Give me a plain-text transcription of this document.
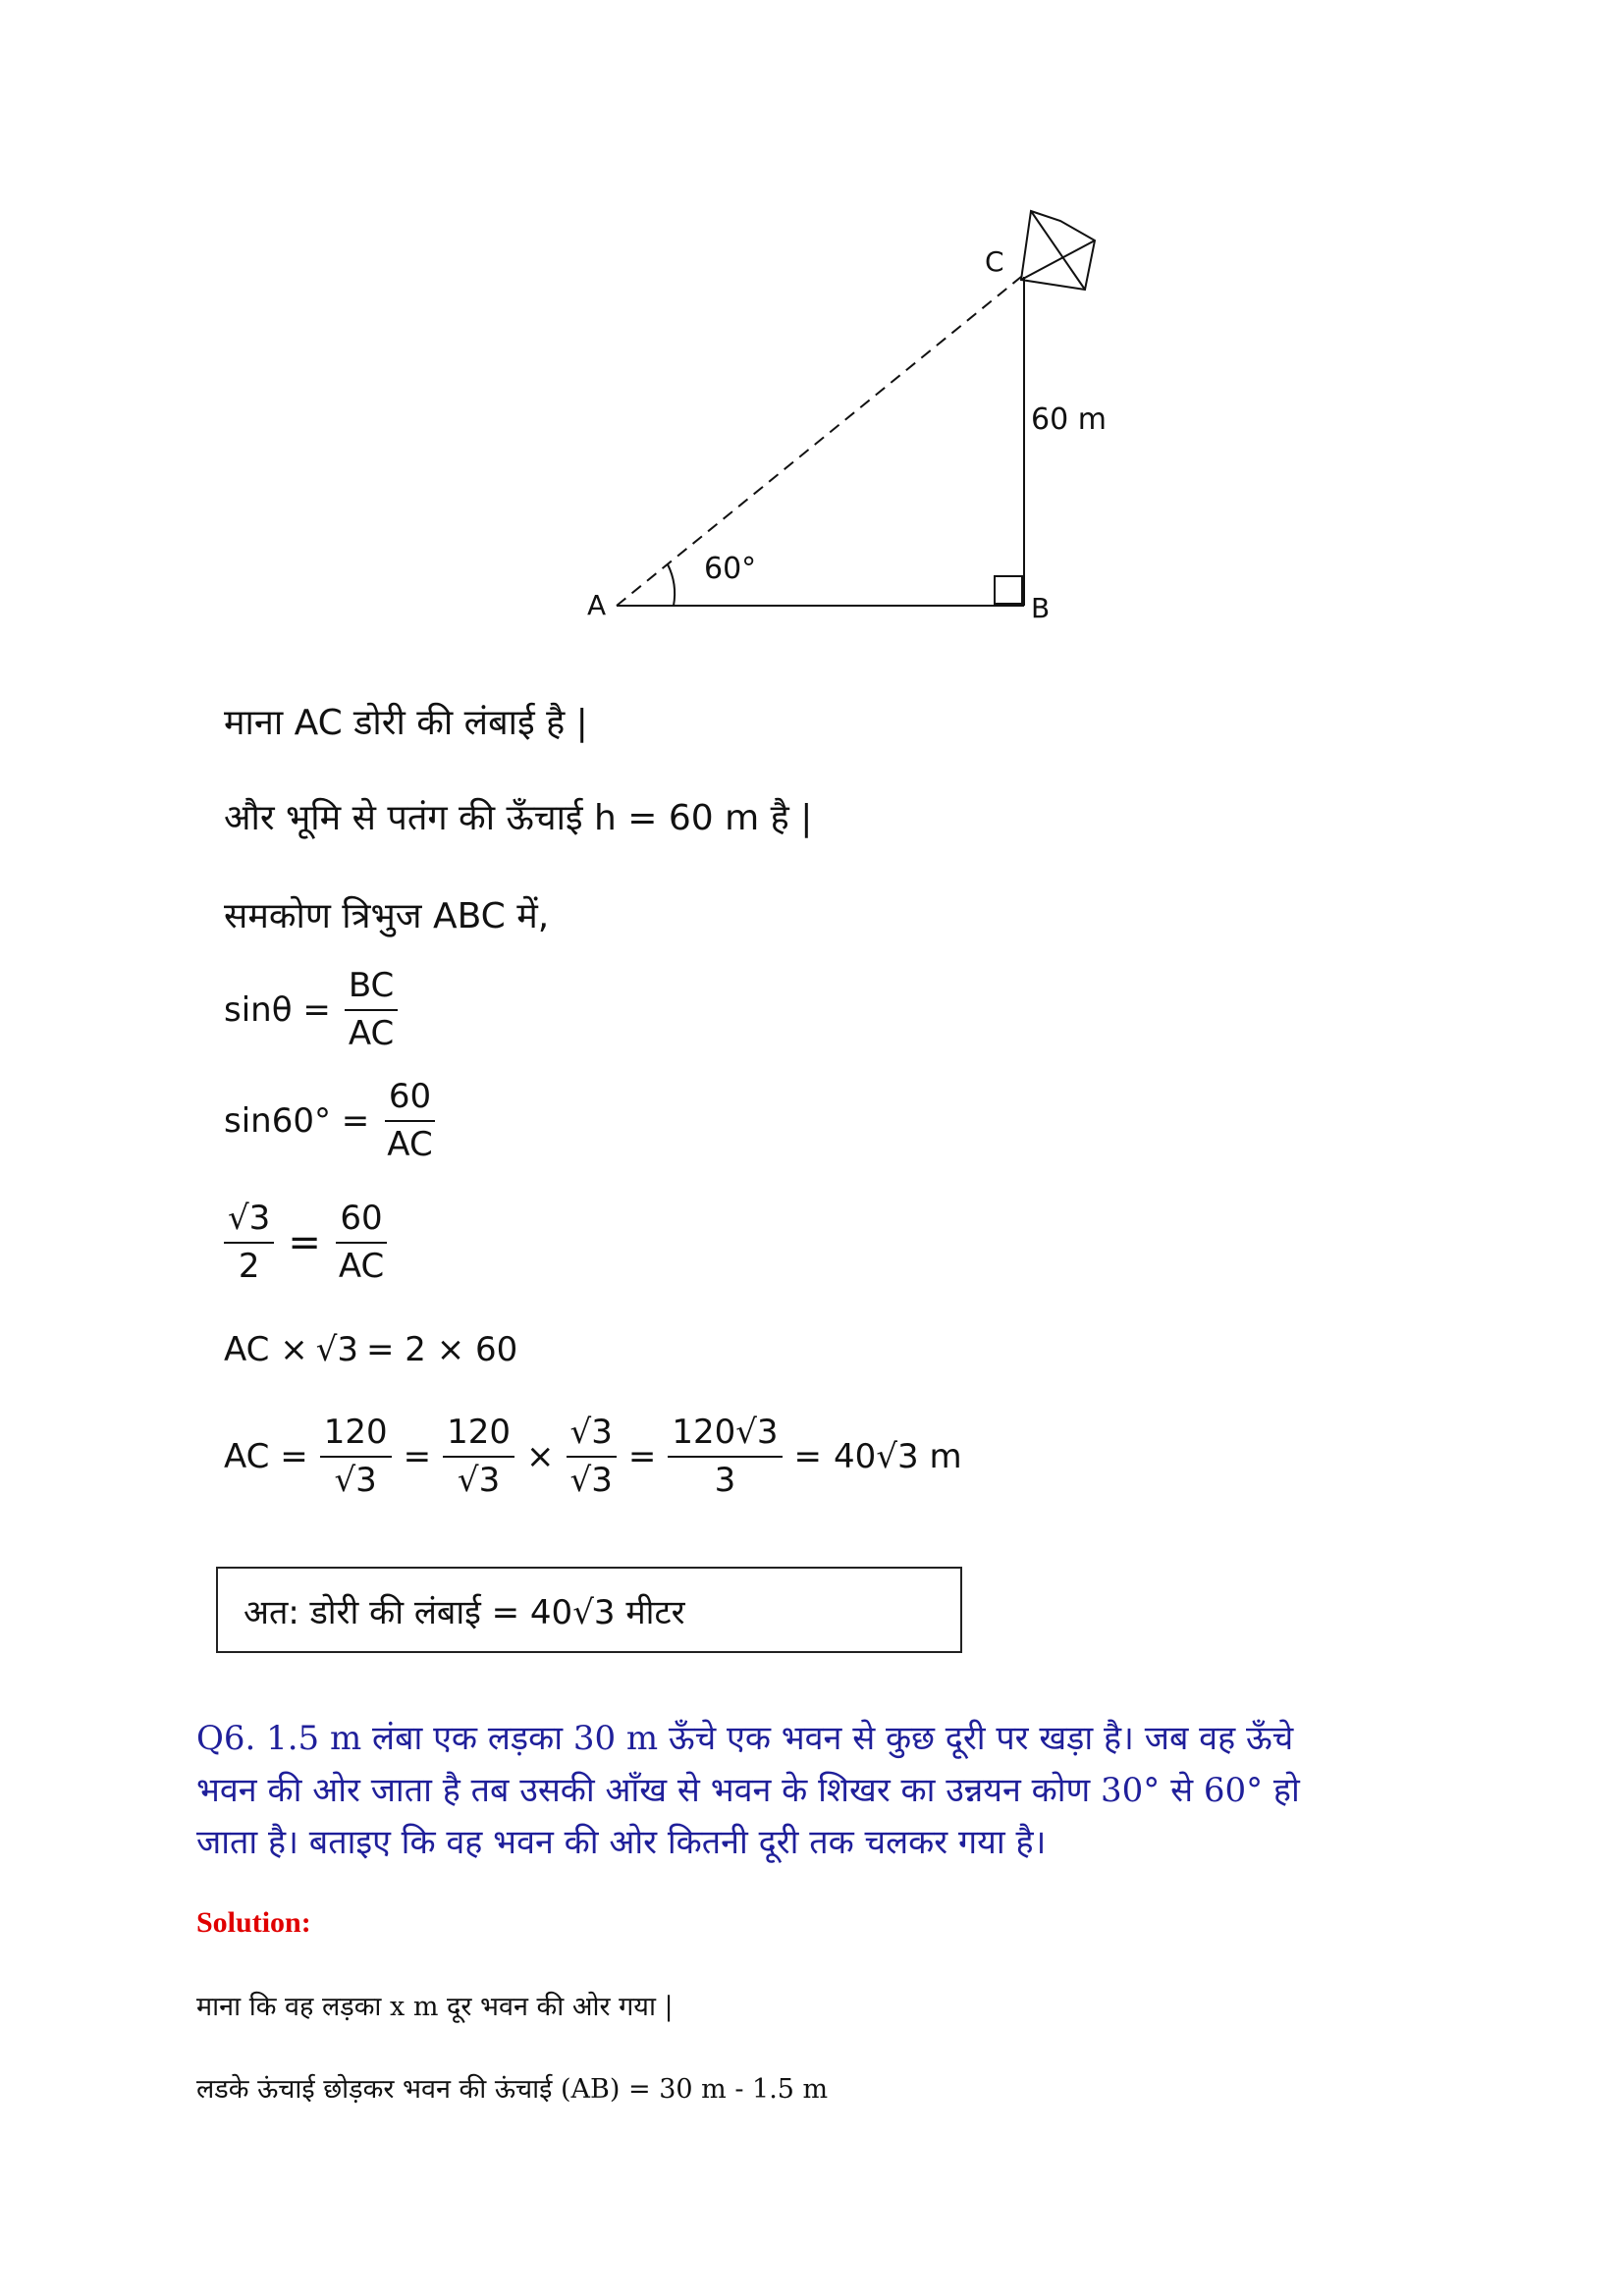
A	B
C
60 m
60°
माना AC डोरी की लंबाई है |
और भूमि से पतंग की ऊँचाई h = 60 m है |
समकोण त्रिभुज ABC में,
$\sin\theta = \frac{BC}{AC}$
$\sin 60^\circ = \frac{60}{AC}$
$\frac{√3}{2} = \frac{60}{AC}$
AC × √3 = 2 × 60
AC = $\frac{120}{√3} = \frac{120}{√3} \times \frac{√3}{√3} = \frac{120√3}{3} = 40√3$ m
अत: डोरी की लंबाई = 40√3 मीटर
Q6. 1.5 m लंबा एक लड़का 30 m ऊँचे एक भवन से कुछ दूरी पर खड़ा है। जब वह ऊँचे
भवन की ओर जाता है तब उसकी आँख से भवन के शिखर का उन्नयन कोण 30° से 60° हो
जाता है। बताइए कि वह भवन की ओर कितनी दूरी तक चलकर गया है।
Solution:
माना कि वह लड़का x m दूर भवन की ओर गया |
लडके ऊंचाई छोड़कर भवन की ऊंचाई (AB) = 30 m - 1.5 m
